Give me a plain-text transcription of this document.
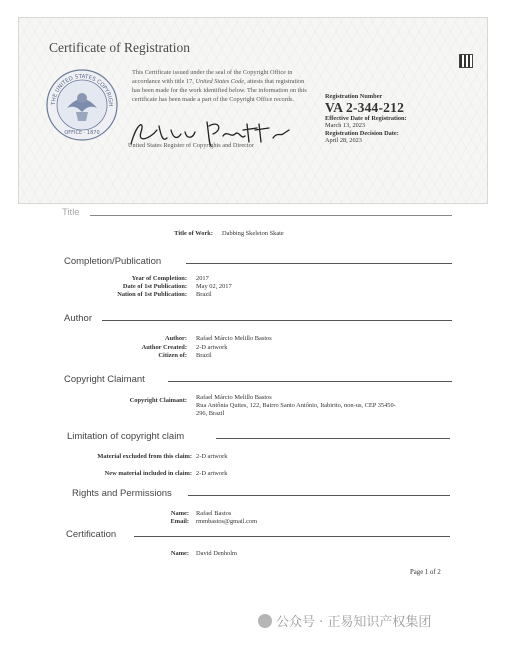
Certificate of Registration
THE UNITED STATES COPYRIGH
OFFICE · 1870
This Certificate issued under the seal of the Copyright Office in accordance with title 17, United States Code, attests that registration has been made for the work identified below. The information on this certificate has been made a part of the Copyright Office records.
United States Register of Copyrights and Director
Registration Number
VA 2-344-212
Effective Date of Registration:
March 13, 2023
Registration Decision Date:
April 28, 2023
Title
Title of Work: Dabbing Skeleton Skate
Completion/Publication
Year of Completion: 2017
Date of 1st Publication: May 02, 2017
Nation of 1st Publication: Brazil
Author
Author: Rafael Márcio Melillo Bastos
Author Created: 2-D artwork
Citizen of: Brazil
Copyright Claimant
Copyright Claimant: Rafael Márcio Melillo Bastos
Rua Antônia Quites, 122, Bairro Santo Antônio, Itabirito, non-us, CEP 35450-
296, Brazil
Limitation of copyright claim
Material excluded from this claim: 2-D artwork
New material included in claim: 2-D artwork
Rights and Permissions
Name: Rafael Bastos
Email: rmmbastos@gmail.com
Certification
Name: David Denholm
Page 1 of 2
公众号 · 正易知识产权集团
